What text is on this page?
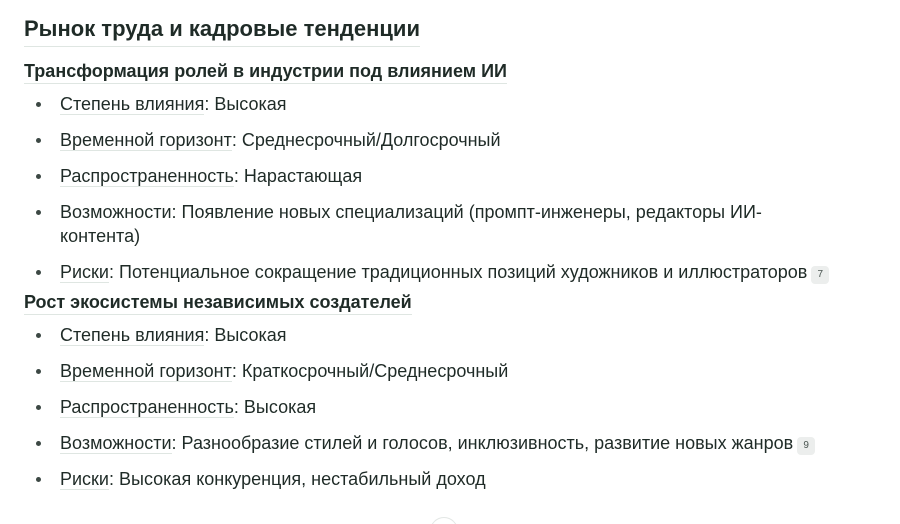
Рынок труда и кадровые тенденции
Трансформация ролей в индустрии под влиянием ИИ
Степень влияния: Высокая
Временной горизонт: Среднесрочный/Долгосрочный
Распространенность: Нарастающая
Возможности: Появление новых специализаций (промпт-инженеры, редакторы ИИ-контента)
Риски: Потенциальное сокращение традиционных позиций художников и иллюстраторов 7
Рост экосистемы независимых создателей
Степень влияния: Высокая
Временной горизонт: Краткосрочный/Среднесрочный
Распространенность: Высокая
Возможности: Разнообразие стилей и голосов, инклюзивность, развитие новых жанров 9
Риски: Высокая конкуренция, нестабильный доход
